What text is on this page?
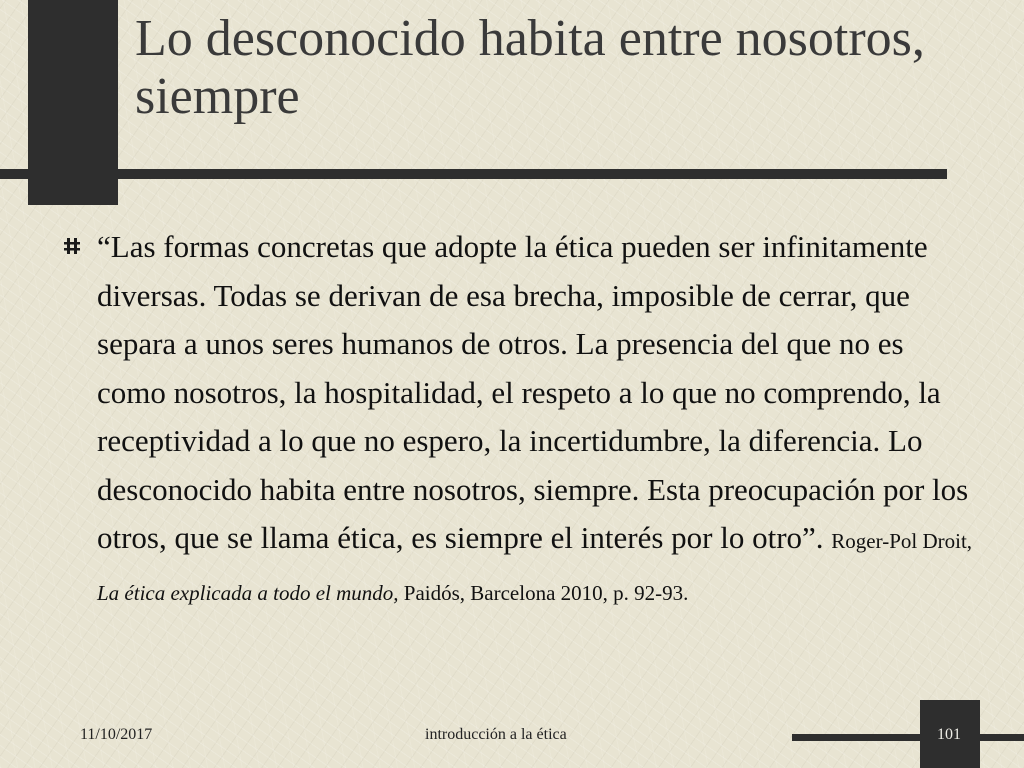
Lo desconocido habita entre nosotros, siempre

“Las formas concretas que adopte la ética pueden ser infinitamente diversas. Todas se derivan de esa brecha, imposible de cerrar, que separa a unos seres humanos de otros. La presencia del que no es como nosotros, la hospitalidad, el respeto a lo que no comprendo, la receptividad a lo que no espero, la incertidumbre, la diferencia. Lo desconocido habita entre nosotros, siempre. Esta preocupación por los otros, que se llama ética, es siempre el interés por lo otro”. Roger-Pol Droit, La ética explicada a todo el mundo, Paidós, Barcelona 2010, p. 92-93.

11/10/2017	introducción a la ética	101
